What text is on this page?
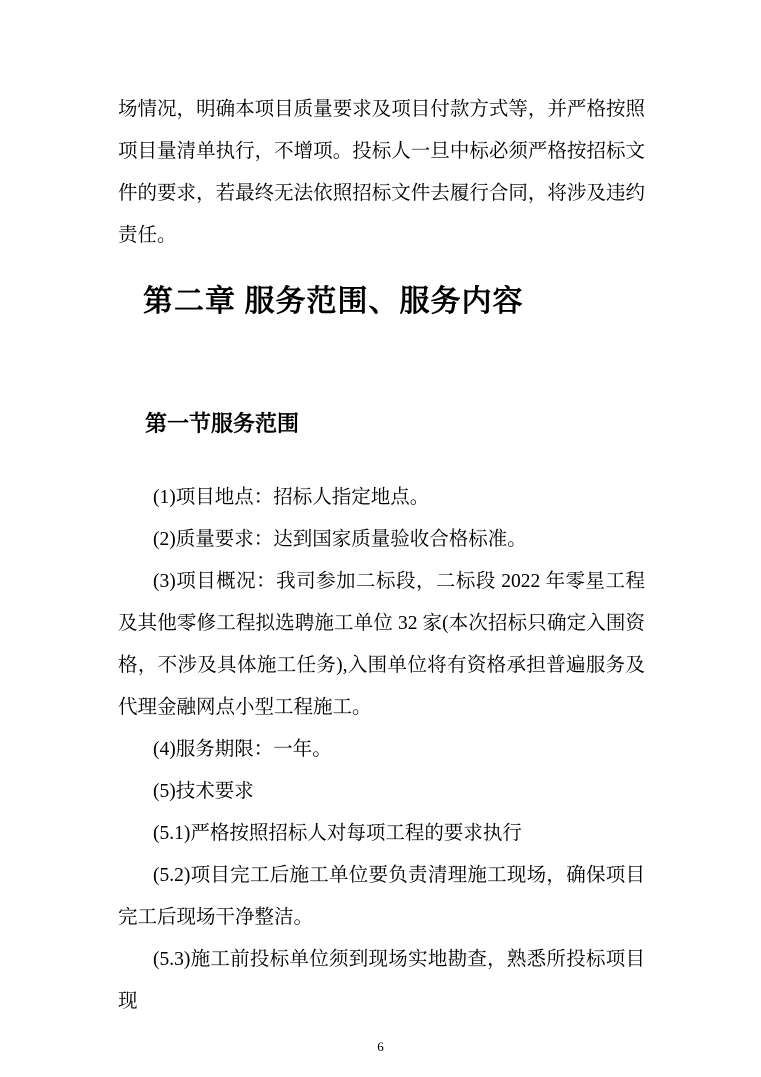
场情况，明确本项目质量要求及项目付款方式等，并严格按照项目量清单执行，不增项。投标人一旦中标必须严格按招标文件的要求，若最终无法依照招标文件去履行合同，将涉及违约责任。

第二章 服务范围、服务内容
第一节服务范围

(1)项目地点：招标人指定地点。

(2)质量要求：达到国家质量验收合格标准。

(3)项目概况：我司参加二标段，二标段 2022 年零星工程及其他零修工程拟选聘施工单位 32 家(本次招标只确定入围资格，不涉及具体施工任务),入围单位将有资格承担普遍服务及代理金融网点小型工程施工。

(4)服务期限：一年。

(5)技术要求

(5.1)严格按照招标人对每项工程的要求执行

(5.2)项目完工后施工单位要负责清理施工现场，确保项目完工后现场干净整洁。

(5.3)施工前投标单位须到现场实地勘查，熟悉所投标项目现

6
